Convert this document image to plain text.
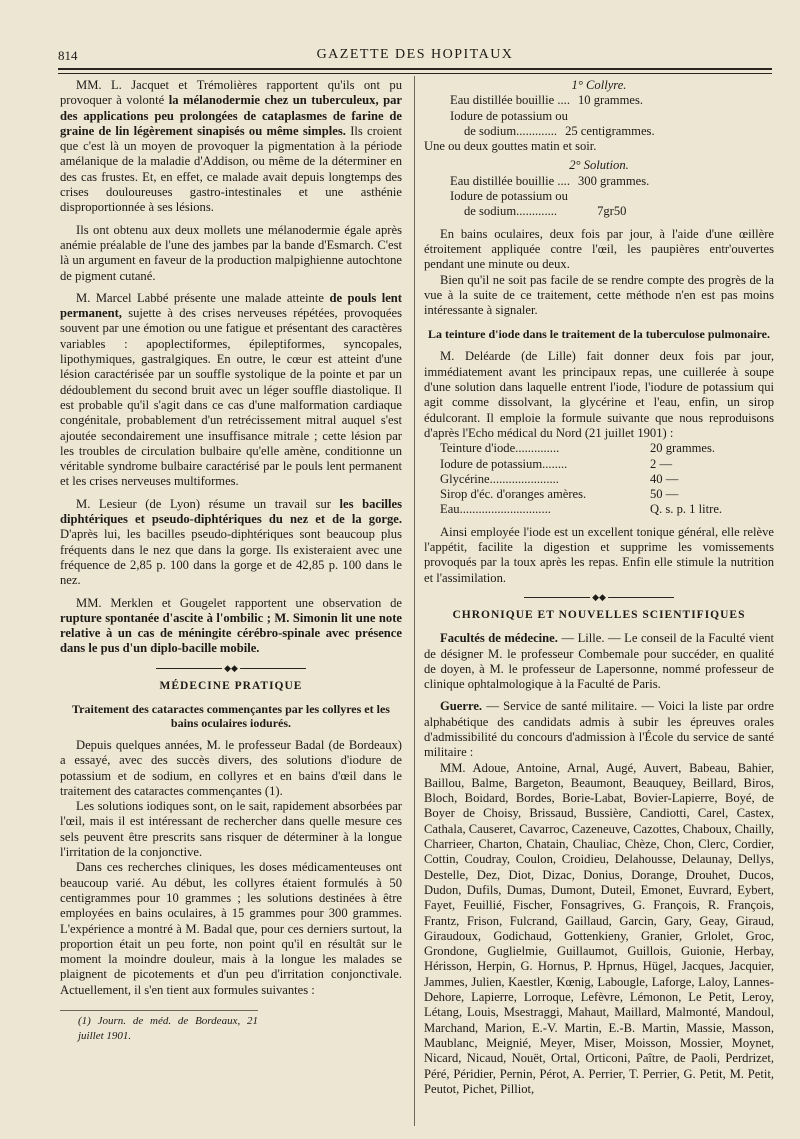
814	GAZETTE DES HOPITAUX

MM. L. Jacquet et Trémolières rapportent qu'ils ont pu provoquer à volonté la mélanodermie chez un tuberculeux, par des applications peu prolongées de cataplasmes de farine de graine de lin légèrement sinapisés ou même simples. Ils croient que c'est là un moyen de provoquer la pigmentation à la période amélanique de la maladie d'Addison, ou même de la déterminer en des cas frustes. Et, en effet, ce malade avait depuis longtemps des crises douloureuses gastro-intestinales et une asthénie disproportionnée à ses lésions.

Ils ont obtenu aux deux mollets une mélanodermie égale après anémie préalable de l'une des jambes par la bande d'Esmarch. C'est là un argument en faveur de la production malpighienne autochtone de pigment cutané.

M. Marcel Labbé présente une malade atteinte de pouls lent permanent, sujette à des crises nerveuses répétées, provoquées souvent par une émotion ou une fatigue et présentant des caractères variables : apoplectiformes, épileptiformes, syncopales, lipothymiques, gastralgiques. En outre, le cœur est atteint d'une lésion caractérisée par un souffle systolique de la pointe et par un dédoublement du second bruit avec un léger souffle diastolique. Il est probable qu'il s'agit dans ce cas d'une malformation cardiaque congénitale, probablement d'un retrécissement mitral auquel s'est ajoutée secondairement une insuffisance mitrale ; cette lésion par les troubles de circulation bulbaire qu'elle amène, conditionne un véritable syndrome bulbaire caractérisé par le pouls lent permanent et les crises nerveuses multiformes.

M. Lesieur (de Lyon) résume un travail sur les bacilles diphtériques et pseudo-diphtériques du nez et de la gorge. D'après lui, les bacilles pseudo-diphtériques sont beaucoup plus fréquents dans le nez que dans la gorge. Ils existeraient avec une fréquence de 2,85 p. 100 dans la gorge et de 42,85 p. 100 dans le nez.

MM. Merklen et Gougelet rapportent une observation de rupture spontanée d'ascite à l'ombilic ; M. Simonin lit une note relative à un cas de méningite cérébro-spinale avec présence dans le pus d'un diplo-bacille mobile.

◆◆
MÉDECINE PRATIQUE
Traitement des cataractes commençantes par les collyres et les bains oculaires iodurés.

Depuis quelques années, M. le professeur Badal (de Bordeaux) a essayé, avec des succès divers, des solutions d'iodure de potassium et de sodium, en collyres et en bains d'œil dans le traitement des cataractes commençantes (1).

Les solutions iodiques sont, on le sait, rapidement absorbées par l'œil, mais il est intéressant de rechercher dans quelle mesure ces sels peuvent être prescrits sans risquer de déterminer à la longue l'irritation de la conjonctive.

Dans ces recherches cliniques, les doses médicamenteuses ont beaucoup varié. Au début, les collyres étaient formulés à 50 centigrammes pour 10 grammes ; les solutions destinées à être employées en bains oculaires, à 15 grammes pour 300 grammes. L'expérience a montré à M. Badal que, pour ces derniers surtout, la proportion était un peu forte, non point qu'il en résultât sur le moment la moindre douleur, mais à la longue les malades se plaignent de picotements et d'un peu d'irritation conjonctivale. Actuellement, il s'en tient aux formules suivantes :

(1) Journ. de méd. de Bordeaux, 21 juillet 1901.
1° Collyre.
Eau distillée bouillie .... 10 grammes.
Iodure de potassium ou
de sodium............. 25 centigrammes.
Une ou deux gouttes matin et soir.
2° Solution.
Eau distillée bouillie .... 300 grammes.
Iodure de potassium ou
de sodium.............	7gr50

En bains oculaires, deux fois par jour, à l'aide d'une œillère étroitement appliquée contre l'œil, les paupières entr'ouvertes pendant une minute ou deux.

Bien qu'il ne soit pas facile de se rendre compte des progrès de la vue à la suite de ce traitement, cette méthode n'en est pas moins intéressante à signaler.

La teinture d'iode dans le traitement de la tuberculose pulmonaire.

M. Deléarde (de Lille) fait donner deux fois par jour, immédiatement avant les principaux repas, une cuillerée à soupe d'une solution dans laquelle entrent l'iode, l'iodure de potassium qui agit comme dissolvant, la glycérine et l'eau, enfin, un sirop édulcorant. Il emploie la formule suivante que nous reproduisons d'après l'Echo médical du Nord (21 juillet 1901) :

Teinture d'iode..............	20 grammes.
Iodure de potassium........	2 —
Glycérine......................	40 —
Sirop d'éc. d'oranges amères.	50 —
Eau.............................	Q. s. p. 1 litre.

Ainsi employée l'iode est un excellent tonique général, elle relève l'appétit, facilite la digestion et supprime les vomissements provoqués par la toux après les repas. Enfin elle stimule la nutrition et l'assimilation.

◆◆
CHRONIQUE ET NOUVELLES SCIENTIFIQUES

Facultés de médecine. — Lille. — Le conseil de la Faculté vient de désigner M. le professeur Combemale pour succéder, en qualité de doyen, à M. le professeur de Lapersonne, nommé professeur de clinique ophtalmologique à la Faculté de Paris.

Guerre. — Service de santé militaire. — Voici la liste par ordre alphabétique des candidats admis à subir les épreuves orales d'admissibilité du concours d'admission à l'École du service de santé militaire :

MM. Adoue, Antoine, Arnal, Augé, Auvert, Babeau, Bahier, Baillou, Balme, Bargeton, Beaumont, Beauquey, Beillard, Biros, Bloch, Boidard, Bordes, Borie-Labat, Bovier-Lapierre, Boyé, de Boyer de Choisy, Brissaud, Bussière, Candiotti, Carel, Castex, Cathala, Causeret, Cavarroc, Cazeneuve, Cazottes, Chaboux, Chailly, Charrieer, Charton, Chatain, Chauliac, Chèze, Chon, Clerc, Cordier, Cottin, Coudray, Coulon, Croidieu, Delahousse, Delaunay, Dellys, Destelle, Dez, Diot, Dizac, Donius, Dorange, Drouhet, Ducos, Dudon, Dufils, Dumas, Dumont, Duteil, Emonet, Euvrard, Eybert, Fayet, Feuillié, Fischer, Fonsagrives, G. François, R. François, Frantz, Frison, Fulcrand, Gaillaud, Garcin, Gary, Geay, Giraud, Giraudoux, Godichaud, Gottenkieny, Granier, Grlolet, Groc, Grondone, Guglielmie, Guillaumot, Guillois, Guionie, Herbay, Hérisson, Herpin, G. Hornus, P. Hprnus, Hügel, Jacques, Jacquier, Jammes, Julien, Kaestler, Kœnig, Labougle, Laforge, Laloy, Lannes-Dehore, Lapierre, Lorroque, Lefèvre, Lémonon, Le Petit, Leroy, Létang, Louis, Msestraggi, Mahaut, Maillard, Malmonté, Mandoul, Marchand, Marion, E.-V. Martin, E.-B. Martin, Massie, Masson, Maublanc, Meignié, Meyer, Miser, Moisson, Mossier, Moynet, Nicard, Nicaud, Nouët, Ortal, Orticoni, Paître, de Paoli, Perdrizet, Péré, Péridier, Pernin, Pérot, A. Perrier, T. Perrier, G. Petit, M. Petit, Peutot, Pichet, Pilliot,
